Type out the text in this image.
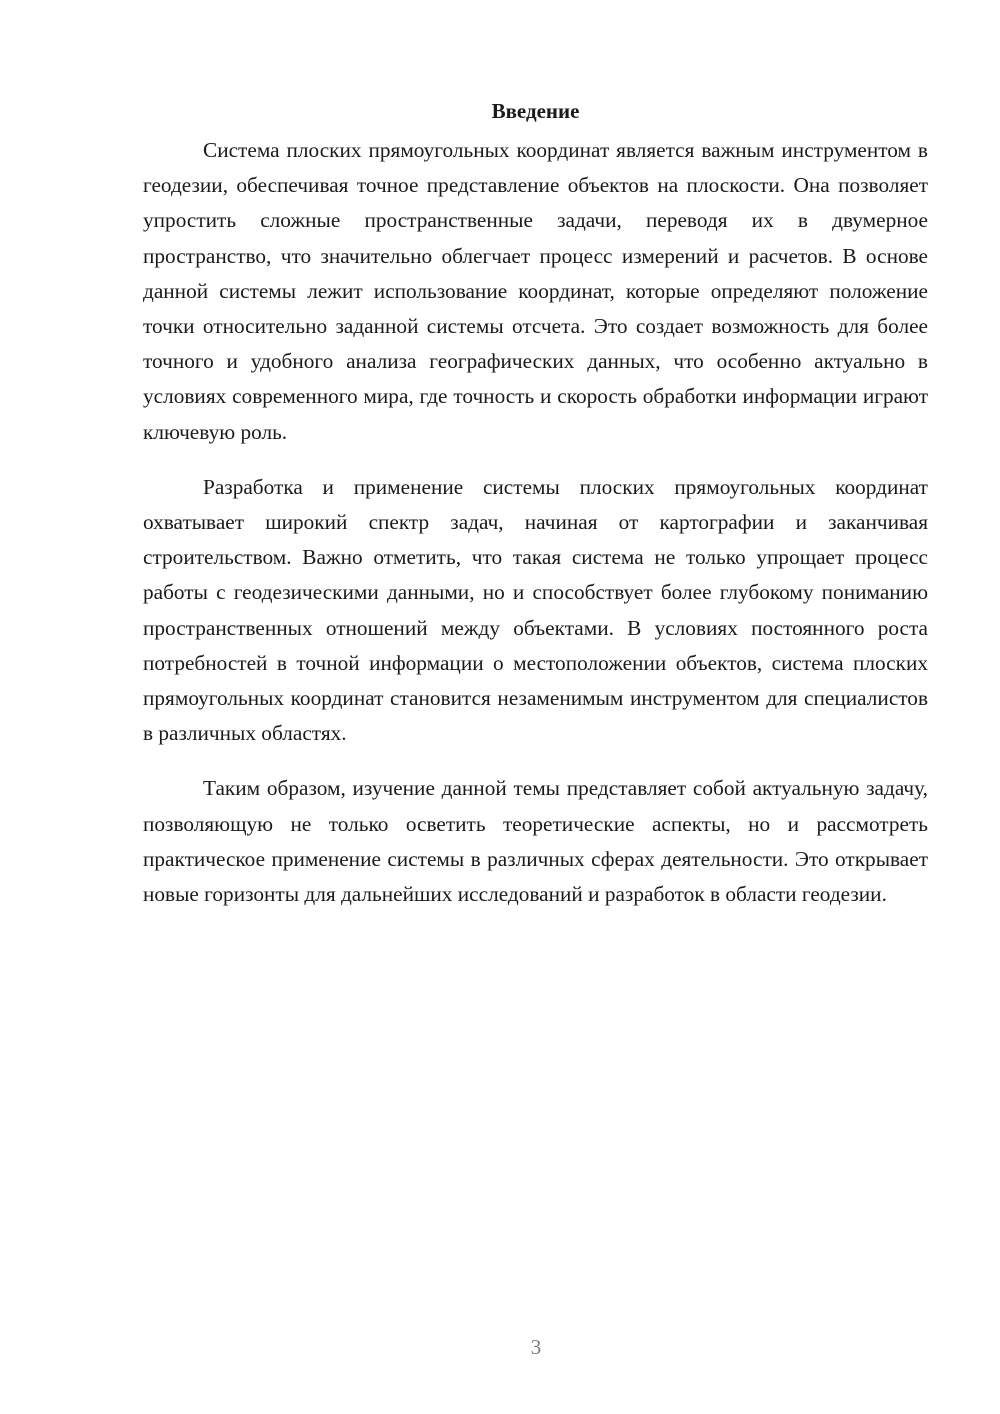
Введение

Система плоских прямоугольных координат является важным инструментом в геодезии, обеспечивая точное представление объектов на плоскости. Она позволяет упростить сложные пространственные задачи, переводя их в двумерное пространство, что значительно облегчает процесс измерений и расчетов. В основе данной системы лежит использование координат, которые определяют положение точки относительно заданной системы отсчета. Это создает возможность для более точного и удобного анализа географических данных, что особенно актуально в условиях современного мира, где точность и скорость обработки информации играют ключевую роль.

Разработка и применение системы плоских прямоугольных координат охватывает широкий спектр задач, начиная от картографии и заканчивая строительством. Важно отметить, что такая система не только упрощает процесс работы с геодезическими данными, но и способствует более глубокому пониманию пространственных отношений между объектами. В условиях постоянного роста потребностей в точной информации о местоположении объектов, система плоских прямоугольных координат становится незаменимым инструментом для специалистов в различных областях.

Таким образом, изучение данной темы представляет собой актуальную задачу, позволяющую не только осветить теоретические аспекты, но и рассмотреть практическое применение системы в различных сферах деятельности. Это открывает новые горизонты для дальнейших исследований и разработок в области геодезии.

3
